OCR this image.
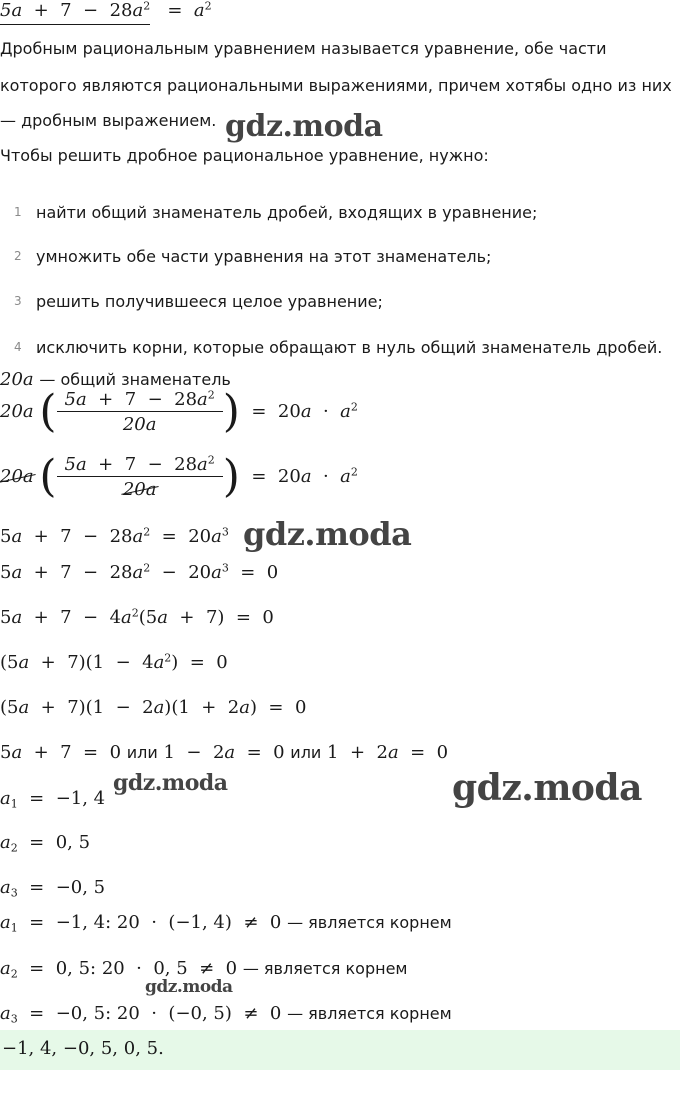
$5a + 7 - 28a^2 = a^2$
Дробным рациональным уравнением называется уравнение, обе части
которого являются рациональными выражениями, причем хотябы одно из них
— дробным выражением. gdz.moda
Чтобы решить дробное рациональное уравнение, нужно:
1 найти общий знаменатель дробей, входящих в уравнение;
2 умножить обе части уравнения на этот знаменатель;
3 решить получившееся целое уравнение;
4 исключить корни, которые обращают в нуль общий знаменатель дробей.
20a — общий знаменатель
20a ( $\frac{5a + 7 - 28a^2}{20a}$ )  =  $20a \cdot a^2$
20a ( $\frac{5a + 7 - 28a^2}{20a}$ )  =  $20a \cdot a^2$
$5a + 7 - 28a^2 = 20a^3$ gdz.moda
$5a + 7 - 28a^2 - 20a^3 = 0$
$5a + 7 - 4a^2(5a + 7) = 0$
$(5a + 7)(1 - 4a^2) = 0$
(5a  +  7)(1  −  2a)(1  +  2a)  =  0
5a  +  7  =  0 или 1  −  2a  =  0 или 1  +  2a  =  0
$a_1 = -1$, 4
gdz.moda	gdz.moda
$a_2 = 0$, 5
$a_3 = -0$, 5
$a_1 = -1$, 4: 20  ·  (−1, 4)  ≠  0 — является корнем
$a_2 = 0$, 5: 20  ·  0, 5  ≠  0 — является корнем
gdz.moda
$a_3 = -0$, 5: 20  ·  (−0, 5)  ≠  0 — является корнем
−1, 4, −0, 5, 0, 5.
